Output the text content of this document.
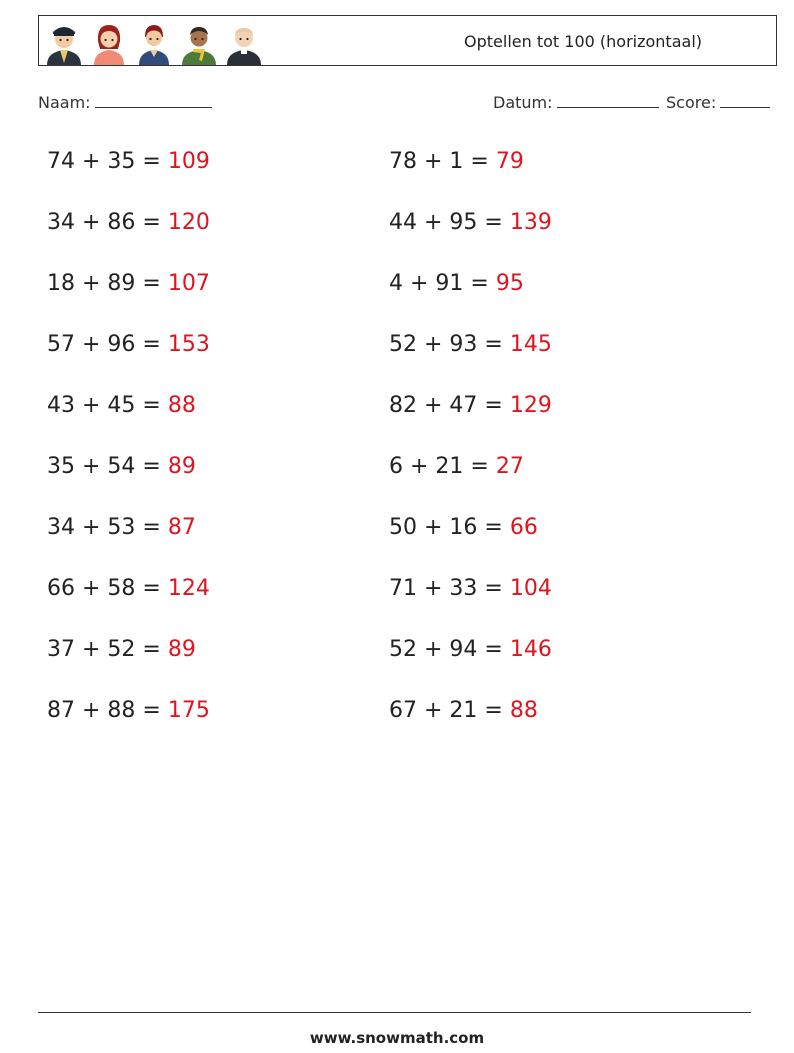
Optellen tot 100 (horizontaal)
Naam:	Datum:	Score:
74 + 35 = 109	78 + 1 = 79
34 + 86 = 120	44 + 95 = 139
18 + 89 = 107	4 + 91 = 95
57 + 96 = 153	52 + 93 = 145
43 + 45 = 88	82 + 47 = 129
35 + 54 = 89	6 + 21 = 27
34 + 53 = 87	50 + 16 = 66
66 + 58 = 124	71 + 33 = 104
37 + 52 = 89	52 + 94 = 146
87 + 88 = 175	67 + 21 = 88
www.snowmath.com
